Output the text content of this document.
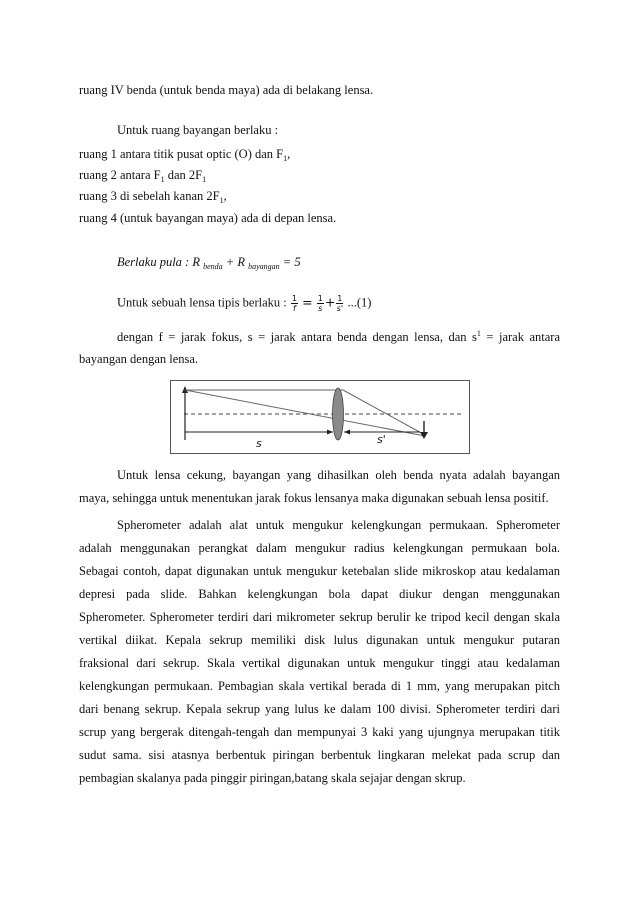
ruang IV benda (untuk benda maya) ada di belakang lensa.
Untuk ruang bayangan berlaku :
ruang 1 antara titik pusat optic (O) dan $F_1$,
ruang 2 antara $F_1$ dan $2F_1$
ruang 3 di sebelah kanan $2F_1$,
ruang 4 (untuk bayangan maya) ada di depan lensa.
Berlaku pula : R $_{benda}$ + R $_{bayangan}$ = 5
Untuk sebuah lensa tipis berlaku : $\frac{1}{f} = \frac{1}{s} + \frac{1}{s'} ...(1)$
dengan f = jarak fokus, s = jarak antara benda dengan lensa, dan $s^1$ = jarak antara
bayangan dengan lensa.
s	s'
Untuk lensa cekung, bayangan yang dihasilkan oleh benda nyata adalah bayangan
maya, sehingga untuk menentukan jarak fokus lensanya maka digunakan sebuah lensa positif.
Spherometer adalah alat untuk mengukur kelengkungan permukaan. Spherometer
adalah menggunakan perangkat dalam mengukur radius kelengkungan permukaan bola.
Sebagai contoh, dapat digunakan untuk mengukur ketebalan slide mikroskop atau kedalaman
depresi pada slide. Bahkan kelengkungan bola dapat diukur dengan menggunakan
Spherometer. Spherometer terdiri dari mikrometer sekrup berulir ke tripod kecil dengan skala
vertikal diikat. Kepala sekrup memiliki disk lulus digunakan untuk mengukur putaran
fraksional dari sekrup. Skala vertikal digunakan untuk mengukur tinggi atau kedalaman
kelengkungan permukaan. Pembagian skala vertikal berada di 1 mm, yang merupakan pitch
dari benang sekrup. Kepala sekrup yang lulus ke dalam 100 divisi. Spherometer terdiri dari
scrup yang bergerak ditengah-tengah dan mempunyai 3 kaki yang ujungnya merupakan titik
sudut sama. sisi atasnya berbentuk piringan berbentuk lingkaran melekat pada scrup dan
pembagian skalanya pada pinggir piringan,batang skala sejajar dengan skrup.
